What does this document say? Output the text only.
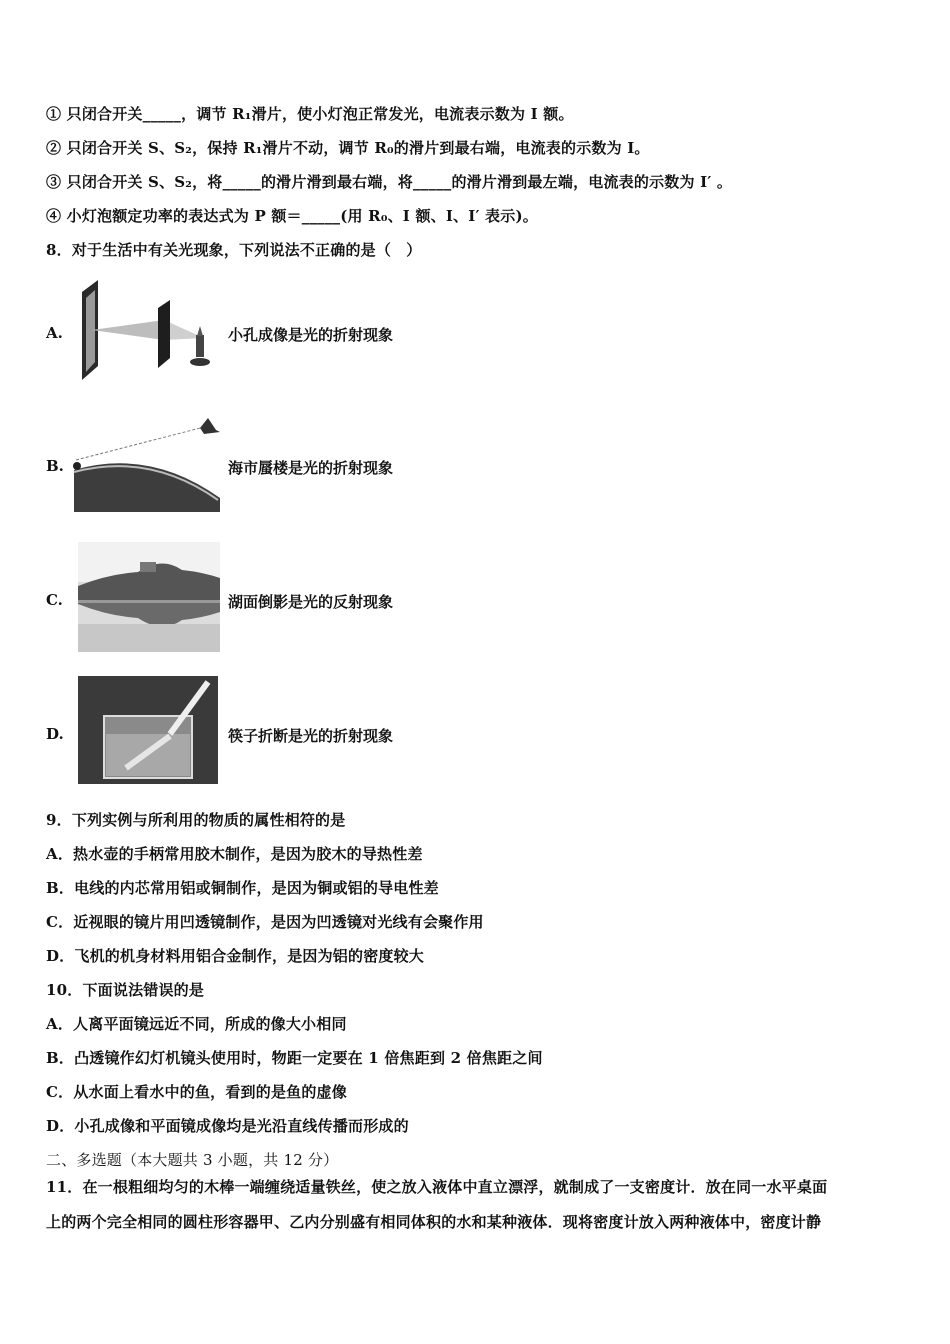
① 只闭合开关_____，调节 R₁滑片，使小灯泡正常发光，电流表示数为 I 额。
② 只闭合开关 S、S₂，保持 R₁滑片不动，调节 R₀的滑片到最右端，电流表的示数为 I。
③ 只闭合开关 S、S₂，将_____的滑片滑到最右端，将_____的滑片滑到最左端，电流表的示数为 I′ 。
④ 小灯泡额定功率的表达式为 P 额＝_____(用 R₀、I 额、I、I′ 表示)。
8．对于生活中有关光现象，下列说法不正确的是（　）
A.	小孔成像是光的折射现象
B.	海市蜃楼是光的折射现象
C.	湖面倒影是光的反射现象
D.	筷子折断是光的折射现象
9．下列实例与所利用的物质的属性相符的是
A．热水壶的手柄常用胶木制作，是因为胶木的导热性差
B．电线的内芯常用铝或铜制作，是因为铜或铝的导电性差
C．近视眼的镜片用凹透镜制作，是因为凹透镜对光线有会聚作用
D．飞机的机身材料用铝合金制作，是因为铝的密度较大
10．下面说法错误的是
A．人离平面镜远近不同，所成的像大小相同
B．凸透镜作幻灯机镜头使用时，物距一定要在 1 倍焦距到 2 倍焦距之间
C．从水面上看水中的鱼，看到的是鱼的虚像
D．小孔成像和平面镜成像均是光沿直线传播而形成的
二、多选题（本大题共 3 小题，共 12 分）
11．在一根粗细均匀的木棒一端缠绕适量铁丝，使之放入液体中直立漂浮，就制成了一支密度计．放在同一水平桌面
上的两个完全相同的圆柱形容器甲、乙内分别盛有相同体积的水和某种液体．现将密度计放入两种液体中，密度计静
